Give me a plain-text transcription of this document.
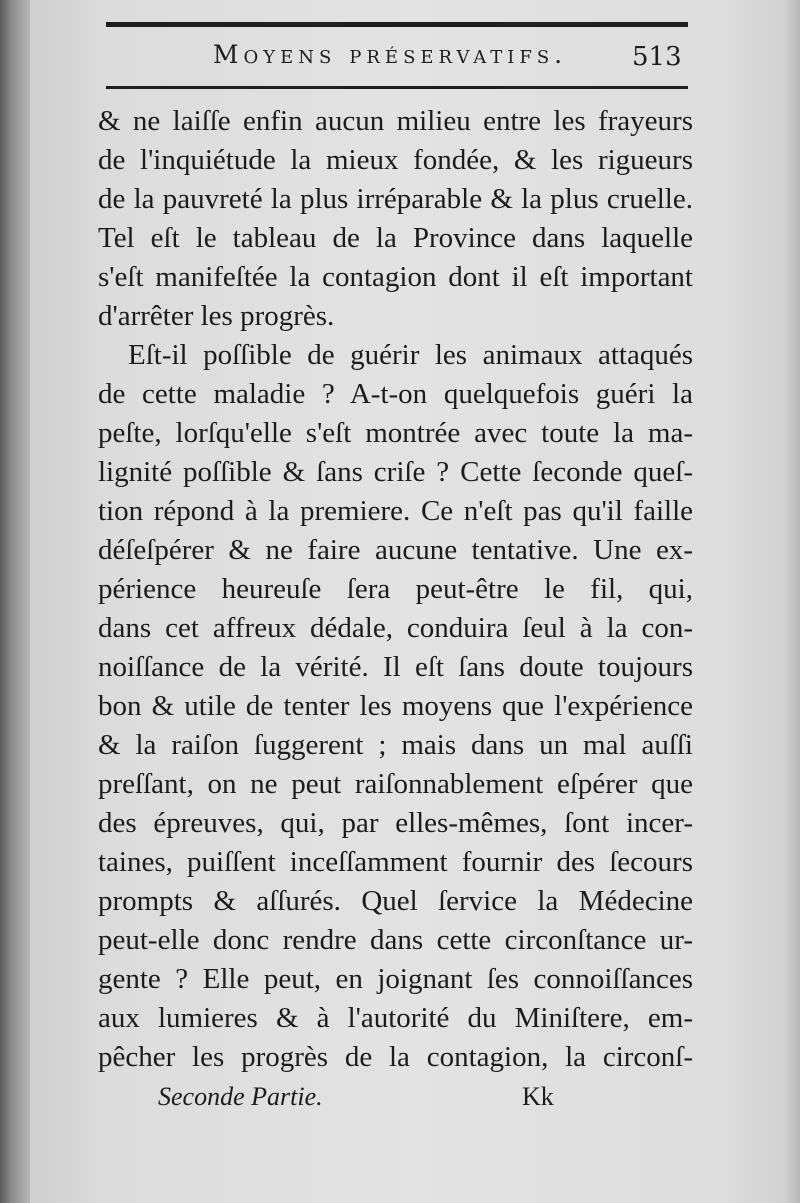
Moyens préservatifs.	513
& ne laiſſe enfin aucun milieu entre les frayeurs
de l'inquiétude la mieux fondée, & les rigueurs
de la pauvreté la plus irréparable & la plus cruelle.
Tel eſt le tableau de la Province dans laquelle
s'eſt manifeſtée la contagion dont il eſt important
d'arrêter les progrès.
Eſt-il poſſible de guérir les animaux attaqués
de cette maladie ? A-t-on quelquefois guéri la
peſte, lorſqu'elle s'eſt montrée avec toute la ma-
lignité poſſible & ſans criſe ? Cette ſeconde queſ-
tion répond à la premiere. Ce n'eſt pas qu'il faille
déſeſpérer & ne faire aucune tentative. Une ex-
périence heureuſe ſera peut-être le fil, qui,
dans cet affreux dédale, conduira ſeul à la con-
noiſſance de la vérité. Il eſt ſans doute toujours
bon & utile de tenter les moyens que l'expérience
& la raiſon ſuggerent ; mais dans un mal auſſi
preſſant, on ne peut raiſonnablement eſpérer que
des épreuves, qui, par elles-mêmes, ſont incer-
taines, puiſſent inceſſamment fournir des ſecours
prompts & aſſurés. Quel ſervice la Médecine
peut-elle donc rendre dans cette circonſtance ur-
gente ? Elle peut, en joignant ſes connoiſſances
aux lumieres & à l'autorité du Miniſtere, em-
pêcher les progrès de la contagion, la circonſ-
Seconde Partie.	Kk
